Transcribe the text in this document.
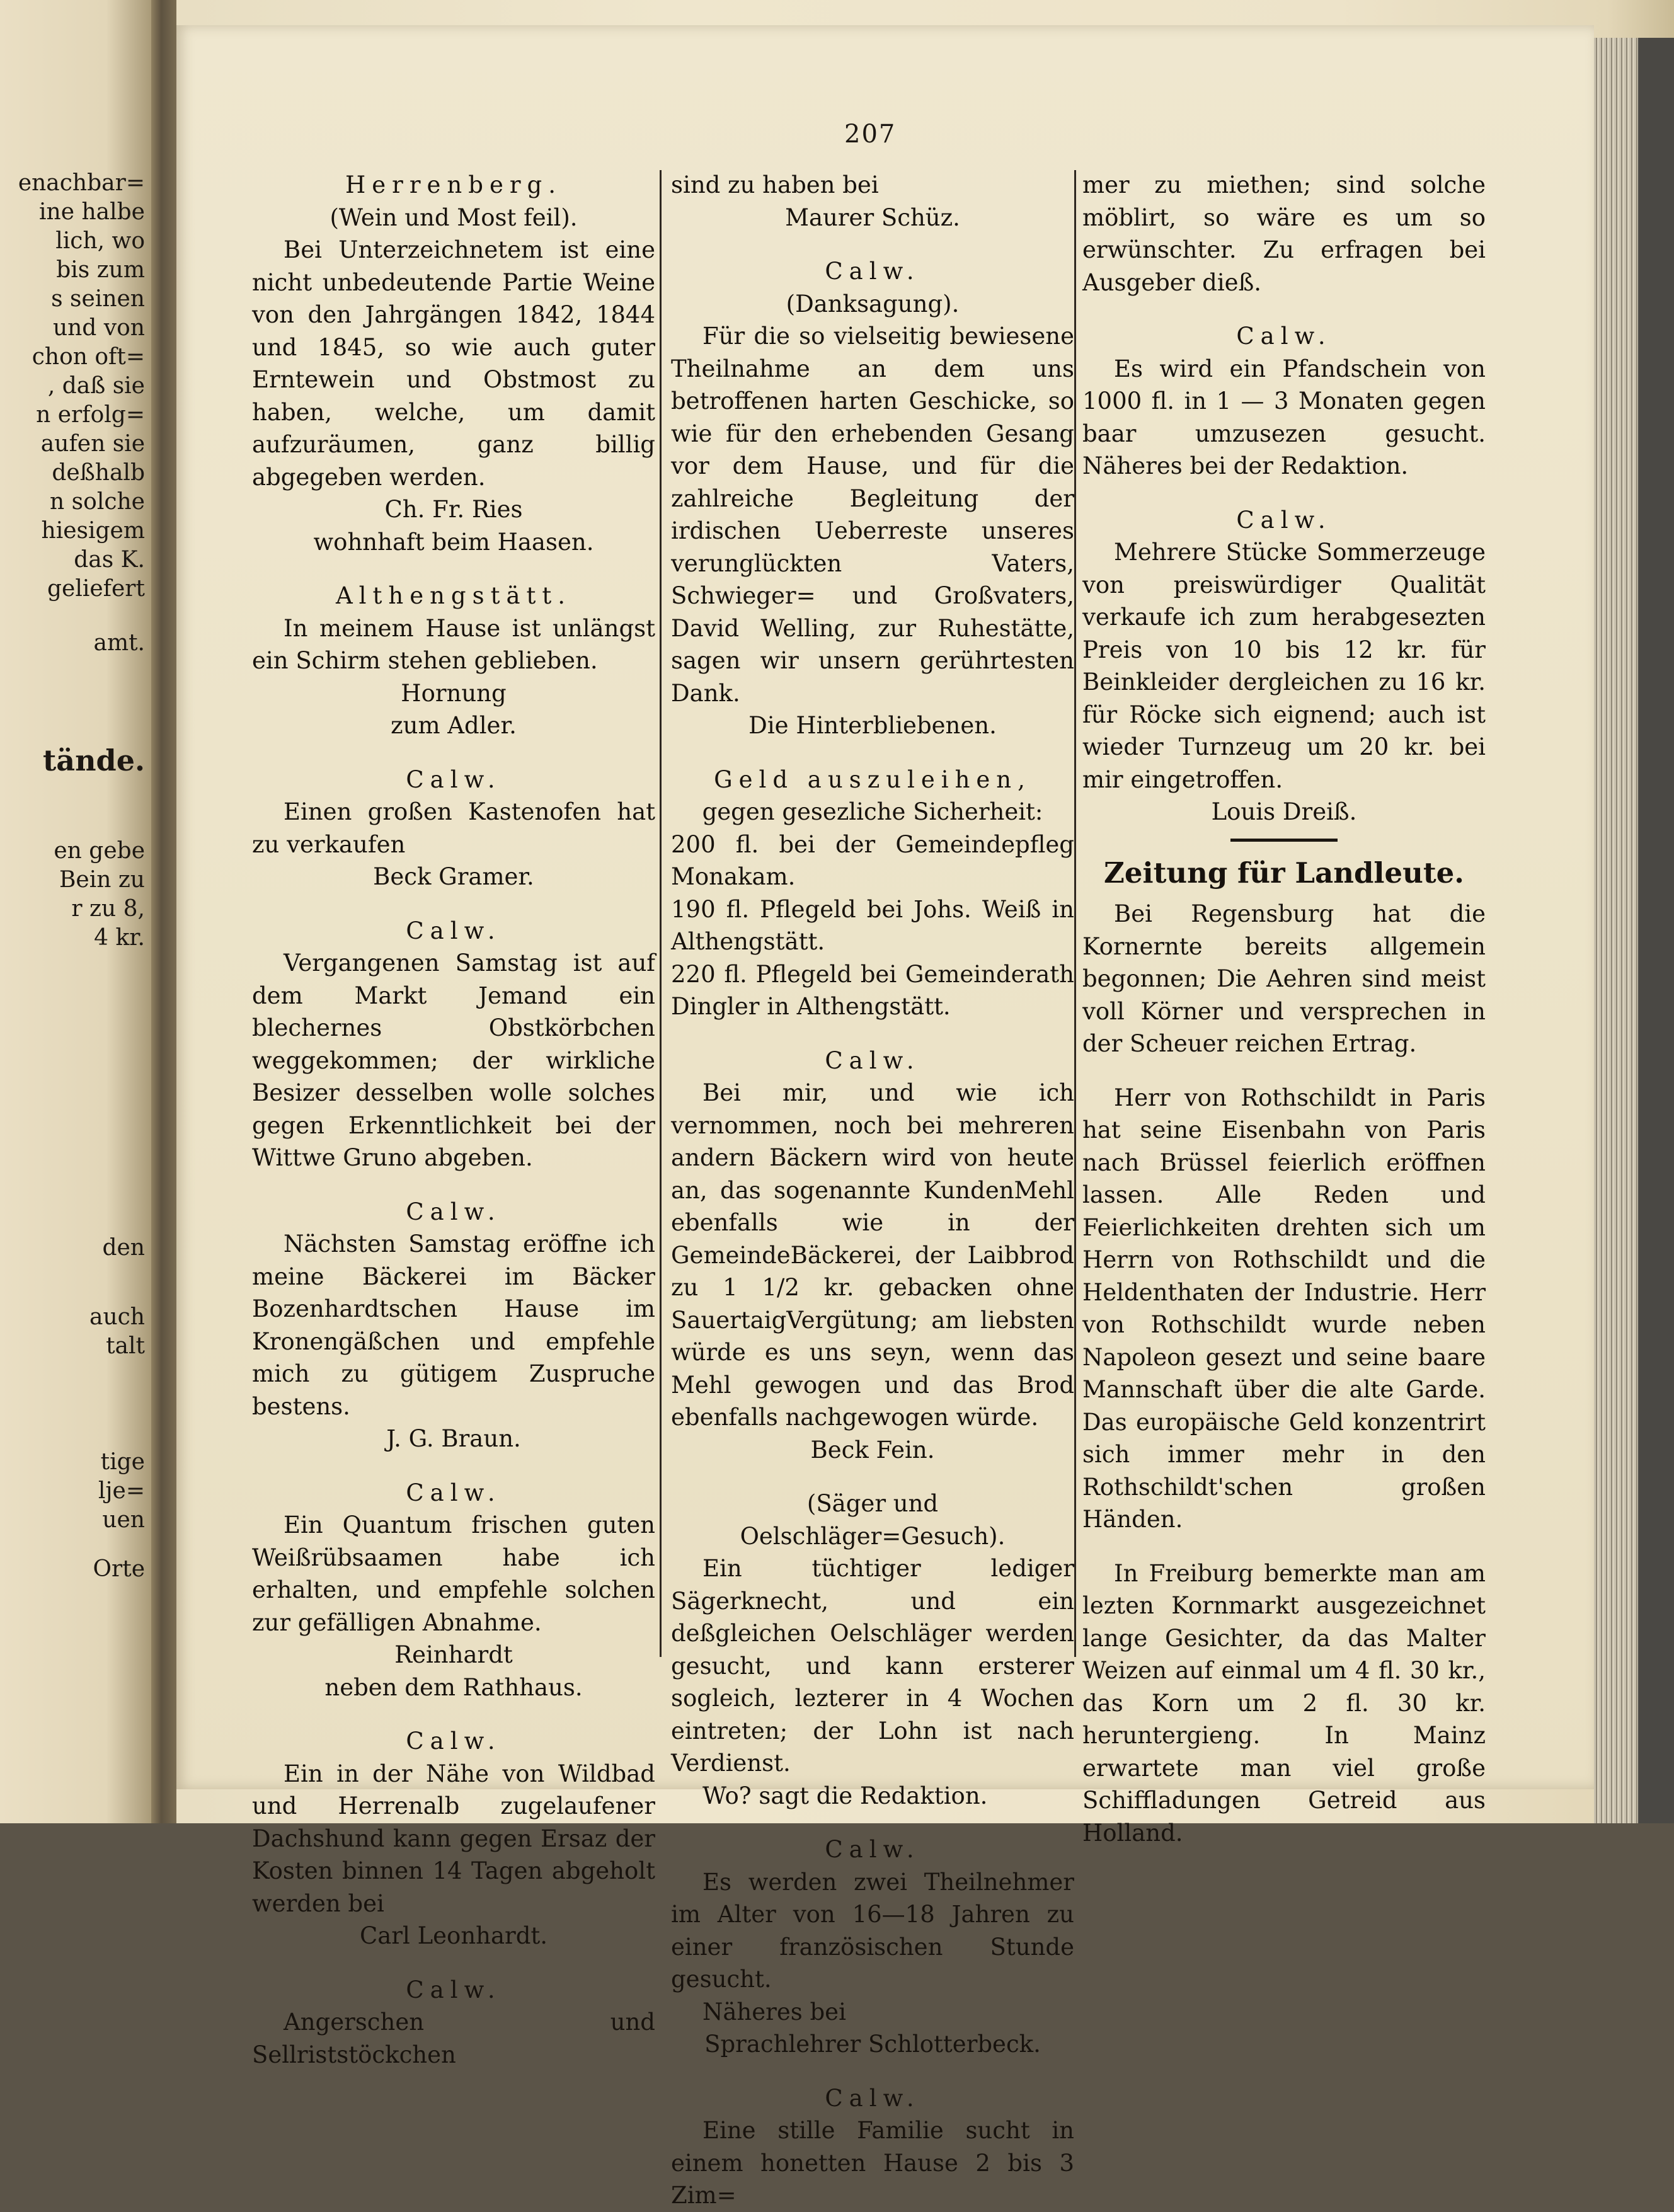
enachbar=
ine halbe
lich, wo
bis zum
s seinen
und von
chon oft=
, daß sie
n erfolg=
aufen sie
deßhalb
n solche
hiesigem
das K.
geliefert
amt.
tände.
en gebe
Bein zu
r zu 8,
4 kr.
den
auch
talt
tige
lje=
uen
Orte
207

Herrenberg.

(Wein und Most feil).

Bei Unterzeichnetem ist eine nicht unbedeutende Partie Weine von den Jahrgängen 1842, 1844 und 1845, so wie auch guter Erntewein und Obstmost zu haben, welche, um damit aufzuräumen, ganz billig abgegeben werden.

Ch. Fr. Ries

wohnhaft beim Haasen.

Althengstätt.

In meinem Hause ist unlängst ein Schirm stehen geblieben.

Hornung

zum Adler.

Calw.

Einen großen Kastenofen hat zu verkaufen

Beck Gramer.

Calw.

Vergangenen Samstag ist auf dem Markt Jemand ein blechernes Obstkörbchen weggekommen; der wirkliche Besizer desselben wolle solches gegen Erkenntlichkeit bei der Wittwe Gruno abgeben.

Calw.

Nächsten Samstag eröffne ich meine Bäckerei im Bäcker Bozenhardtschen Hause im Kronengäßchen und empfehle mich zu gütigem Zuspruche bestens.

J. G. Braun.

Calw.

Ein Quantum frischen guten Weißrübsaamen habe ich erhalten, und empfehle solchen zur gefälligen Abnahme.

Reinhardt

neben dem Rathhaus.

Calw.

Ein in der Nähe von Wildbad und Herrenalb zugelaufener Dachshund kann gegen Ersaz der Kosten binnen 14 Tagen abgeholt werden bei

Carl Leonhardt.

Calw.

Angerschen und Sellriststöckchen

sind zu haben bei

Maurer Schüz.

Calw.

(Danksagung).

Für die so vielseitig bewiesene Theilnahme an dem uns betroffenen harten Geschicke, so wie für den erhebenden Gesang vor dem Hause, und für die zahlreiche Begleitung der irdischen Ueberreste unseres verunglückten Vaters, Schwieger= und Großvaters, David Welling, zur Ruhestätte, sagen wir unsern gerührtesten Dank.

Die Hinterbliebenen.

Geld auszuleihen,

gegen gesezliche Sicherheit:

200 fl. bei der Gemeindepfleg Monakam.

190 fl. Pflegeld bei Johs. Weiß in Althengstätt.

220 fl. Pflegeld bei Gemeinderath Dingler in Althengstätt.

Calw.

Bei mir, und wie ich vernommen, noch bei mehreren andern Bäckern wird von heute an, das sogenannte KundenMehl ebenfalls wie in der GemeindeBäckerei, der Laibbrod zu 1 1/2 kr. gebacken ohne SauertaigVergütung; am liebsten würde es uns seyn, wenn das Mehl gewogen und das Brod ebenfalls nachgewogen würde.

Beck Fein.

(Säger und Oelschläger=Gesuch).

Ein tüchtiger lediger Sägerknecht, und ein deßgleichen Oelschläger werden gesucht, und kann ersterer sogleich, lezterer in 4 Wochen eintreten; der Lohn ist nach Verdienst.

Wo? sagt die Redaktion.

Calw.

Es werden zwei Theilnehmer im Alter von 16—18 Jahren zu einer französischen Stunde gesucht.

Näheres bei

Sprachlehrer Schlotterbeck.

Calw.

Eine stille Familie sucht in einem honetten Hause 2 bis 3 Zim=

mer zu miethen; sind solche möblirt, so wäre es um so erwünschter. Zu erfragen bei Ausgeber dieß.

Calw.

Es wird ein Pfandschein von 1000 fl. in 1 — 3 Monaten gegen baar umzusezen gesucht. Näheres bei der Redaktion.

Calw.

Mehrere Stücke Sommerzeuge von preiswürdiger Qualität verkaufe ich zum herabgesezten Preis von 10 bis 12 kr. für Beinkleider dergleichen zu 16 kr. für Röcke sich eignend; auch ist wieder Turnzeug um 20 kr. bei mir eingetroffen.

Louis Dreiß.

Zeitung für Landleute.

Bei Regensburg hat die Kornernte bereits allgemein begonnen; Die Aehren sind meist voll Körner und versprechen in der Scheuer reichen Ertrag.

Herr von Rothschildt in Paris hat seine Eisenbahn von Paris nach Brüssel feierlich eröffnen lassen. Alle Reden und Feierlichkeiten drehten sich um Herrn von Rothschildt und die Heldenthaten der Industrie. Herr von Rothschildt wurde neben Napoleon gesezt und seine baare Mannschaft über die alte Garde. Das europäische Geld konzentrirt sich immer mehr in den Rothschildt'schen großen Händen.

In Freiburg bemerkte man am lezten Kornmarkt ausgezeichnet lange Gesichter, da das Malter Weizen auf einmal um 4 fl. 30 kr., das Korn um 2 fl. 30 kr. heruntergieng. In Mainz erwartete man viel große Schiffladungen Getreid aus Holland.
